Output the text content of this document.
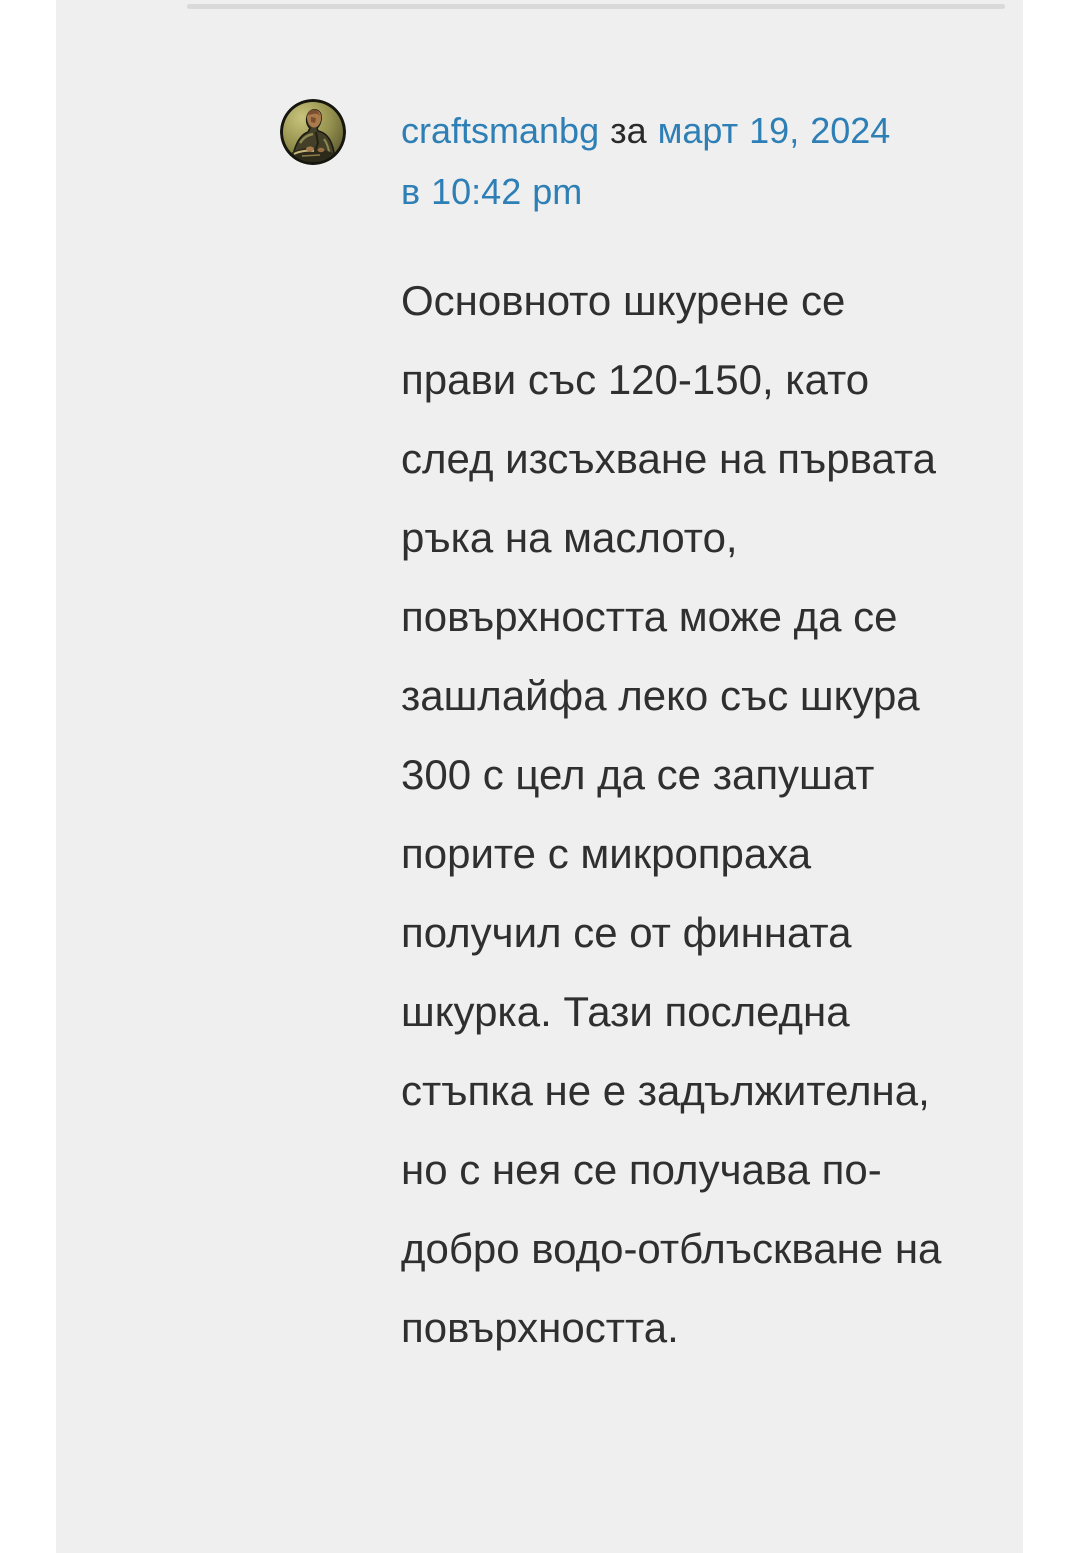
craftsmanbg за март 19, 2024 в 10:42 pm

Основното шкурене се прави със 120-150, като след изсъхване на първата ръка на маслото, повърхността може да се зашлайфа леко със шкура 300 с цел да се запушат порите с микропраха получил се от финната шкурка. Тази последна стъпка не е задължителна, но с нея се получава по-добро водо-отблъскване на повърхността.
